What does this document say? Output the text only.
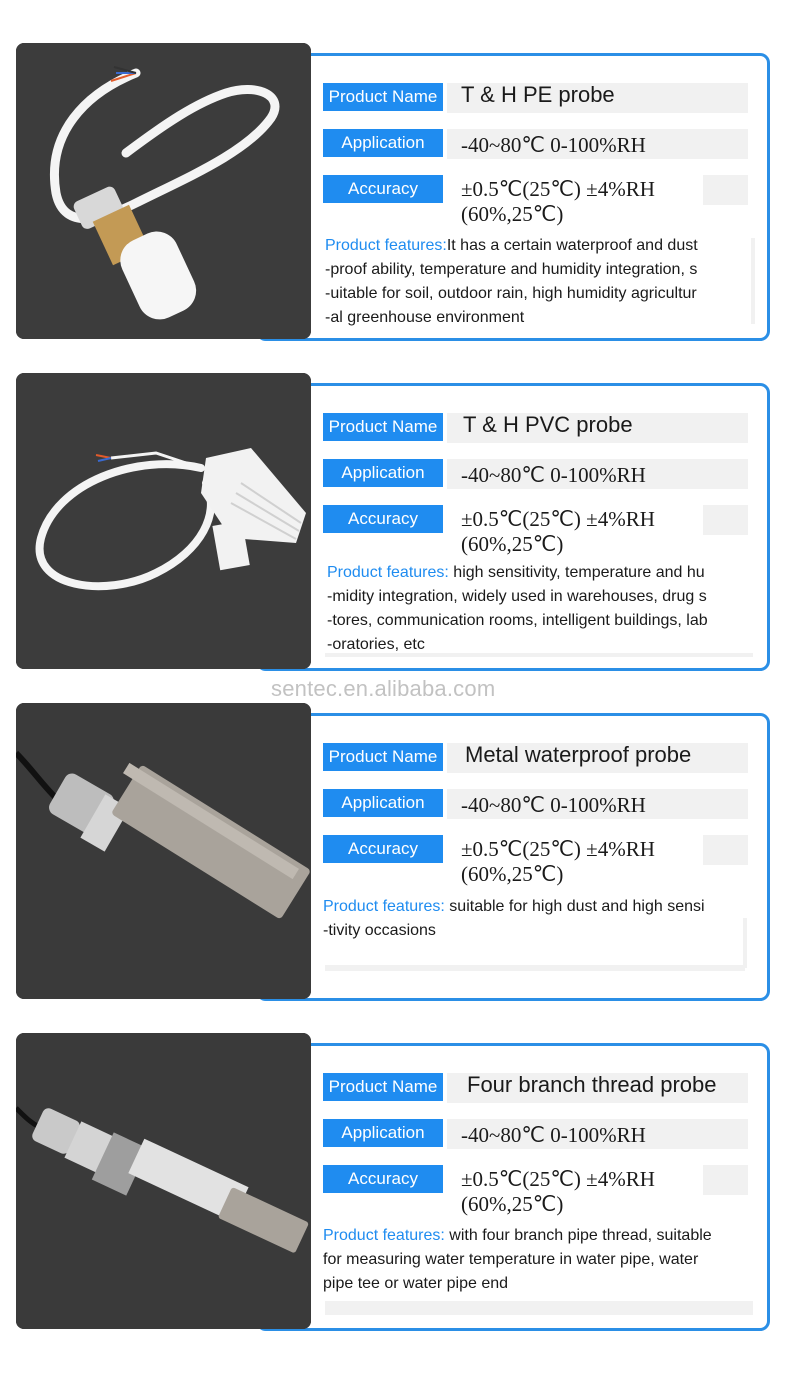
Product Name T & H PE probe
Application	-40~80℃ 0-100%RH
Accuracy	±0.5℃(25℃) ±4%RH
(60%,25℃)
Product features:It has a certain waterproof and dust
-proof ability, temperature and humidity integration, s
-uitable for soil, outdoor rain, high humidity agricultur
-al greenhouse environment
Product Name T & H PVC probe
Application	-40~80℃ 0-100%RH
Accuracy	±0.5℃(25℃) ±4%RH
(60%,25℃)
Product features: high sensitivity, temperature and hu
-midity integration, widely used in warehouses, drug s
-tores, communication rooms, intelligent buildings, lab
-oratories, etc
sentec.en.alibaba.com
Product Name Metal waterproof probe
Application	-40~80℃ 0-100%RH
Accuracy	±0.5℃(25℃) ±4%RH
(60%,25℃)
Product features: suitable for high dust and high sensi
-tivity occasions
Product Name Four branch thread probe
Application	-40~80℃ 0-100%RH
Accuracy	±0.5℃(25℃) ±4%RH
(60%,25℃)
Product features: with four branch pipe thread, suitable
for measuring water temperature in water pipe, water
pipe tee or water pipe end
